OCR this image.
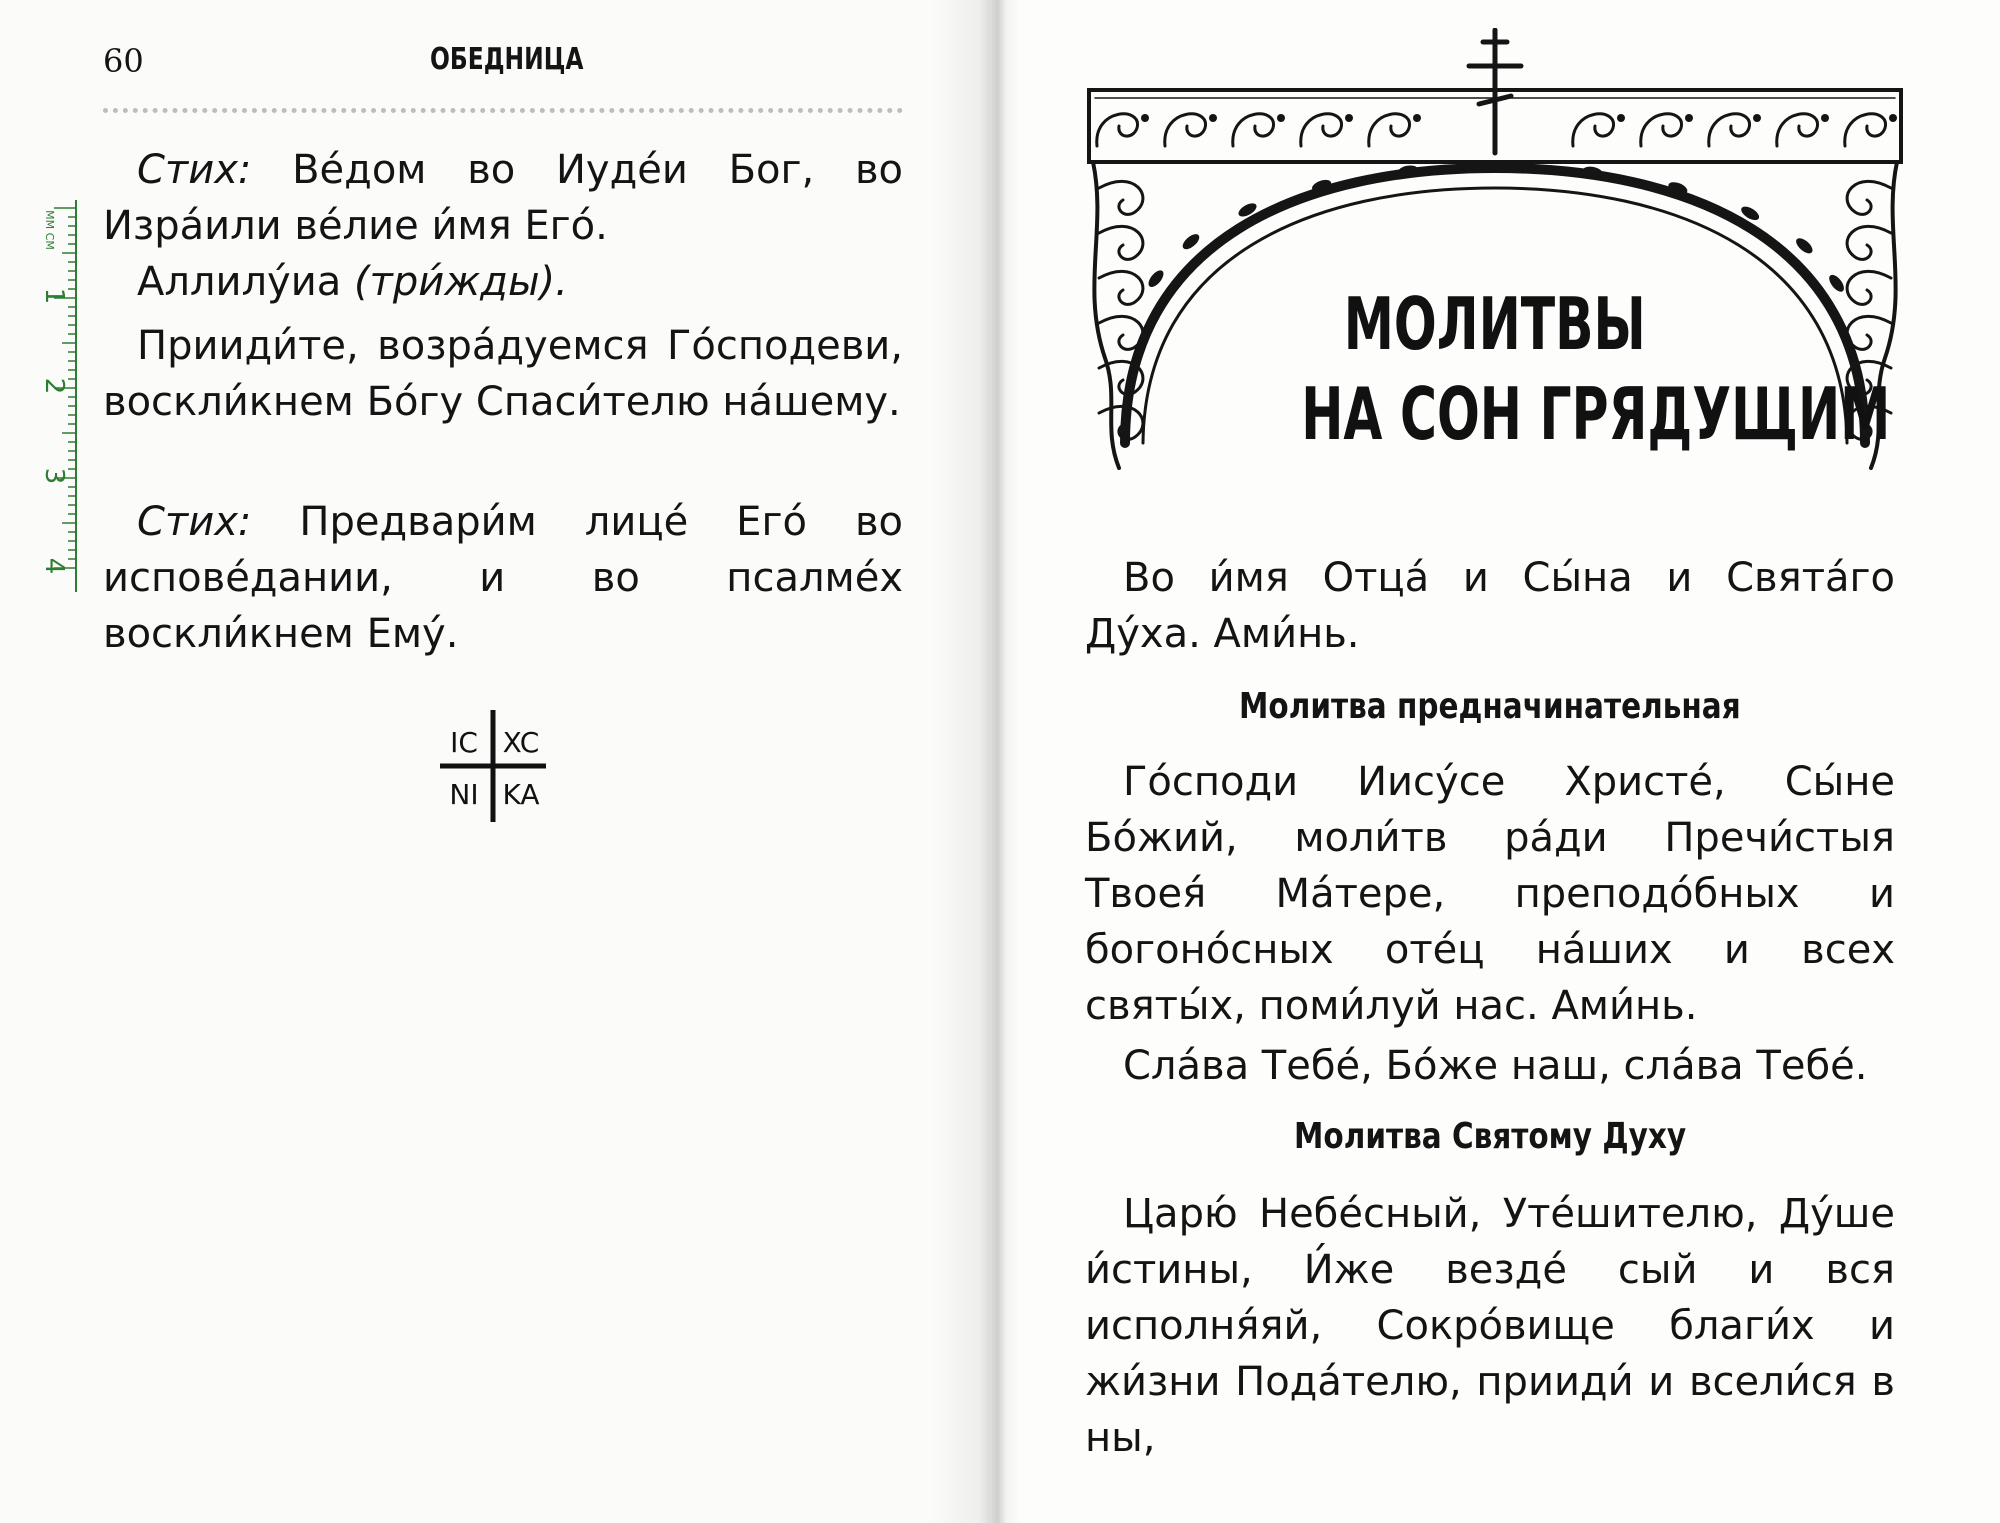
60	ОБЕДНИЦА

Стих: Ве́дом во Иуде́и Бог, во Изра́или ве́лие и́мя Его́.

Аллилу́иа (три́жды).

Прииди́те, возра́дуемся Го́сподеви, воскли́кнем Бо́гу Спаси́телю на́шему.

Стих: Предвари́м лице́ Его́ во испове́дании, и во псалме́х воскли́кнем Ему́.

IC XC
NI KA
ММ СМ
1
2
3
4
МОЛИТВЫ
НА СОН ГРЯДУЩИМ

Во и́мя Отца́ и Сы́на и Свята́го Ду́ха. Ами́нь.

Молитва предначинательная

Го́споди Иису́се Христе́, Сы́не Бо́жий, моли́тв ра́ди Пречи́стыя Твоея́ Ма́тере, преподо́бных и богоно́сных оте́ц на́ших и всех святы́х, поми́луй нас. Ами́нь.

Сла́ва Тебе́, Бо́же наш, сла́ва Тебе́.

Молитва Святому Духу

Царю́ Небе́сный, Уте́шителю, Ду́ше и́стины, И́же везде́ сый и вся исполня́яй, Сокро́вище благи́х и жи́зни Пода́телю, прииди́ и всели́ся в ны,
